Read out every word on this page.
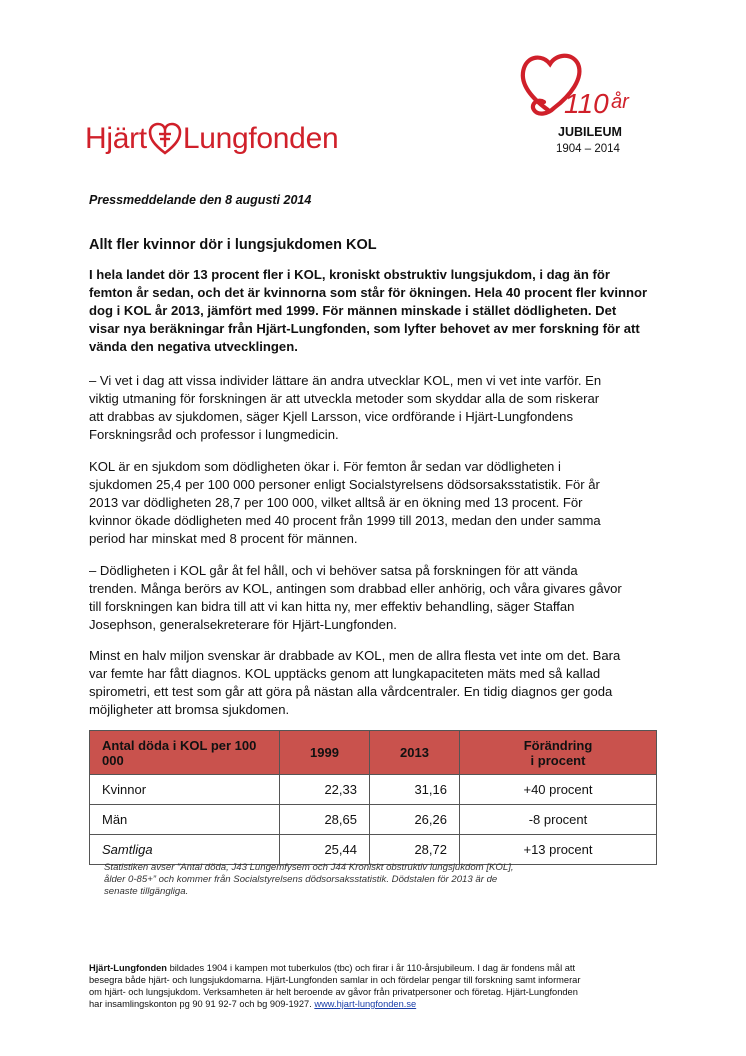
Hjärt Lungfonden
110 år
JUBILEUM
1904 – 2014
Pressmeddelande den 8 augusti 2014
Allt fler kvinnor dör i lungsjukdomen KOL

I hela landet dör 13 procent fler i KOL, kroniskt obstruktiv lungsjukdom, i dag än för
femton år sedan, och det är kvinnorna som står för ökningen. Hela 40 procent fler kvinnor
dog i KOL år 2013, jämfört med 1999. För männen minskade i stället dödligheten. Det
visar nya beräkningar från Hjärt-Lungfonden, som lyfter behovet av mer forskning för att
vända den negativa utvecklingen.

– Vi vet i dag att vissa individer lättare än andra utvecklar KOL, men vi vet inte varför. En
viktig utmaning för forskningen är att utveckla metoder som skyddar alla de som riskerar
att drabbas av sjukdomen, säger Kjell Larsson, vice ordförande i Hjärt-Lungfondens
Forskningsråd och professor i lungmedicin.

KOL är en sjukdom som dödligheten ökar i. För femton år sedan var dödligheten i
sjukdomen 25,4 per 100 000 personer enligt Socialstyrelsens dödsorsaksstatistik. För år
2013 var dödligheten 28,7 per 100 000, vilket alltså är en ökning med 13 procent. För
kvinnor ökade dödligheten med 40 procent från 1999 till 2013, medan den under samma
period har minskat med 8 procent för männen.

– Dödligheten i KOL går åt fel håll, och vi behöver satsa på forskningen för att vända
trenden. Många berörs av KOL, antingen som drabbad eller anhörig, och våra givares gåvor
till forskningen kan bidra till att vi kan hitta ny, mer effektiv behandling, säger Staffan
Josephson, generalsekreterare för Hjärt-Lungfonden.

Minst en halv miljon svenskar är drabbade av KOL, men de allra flesta vet inte om det. Bara
var femte har fått diagnos. KOL upptäcks genom att lungkapaciteten mäts med så kallad
spirometri, ett test som går att göra på nästan alla vårdcentraler. En tidig diagnos ger goda
möjligheter att bromsa sjukdomen.

Antal döda i KOL per 100 000	1999	2013	Förändring
i procent
Kvinnor	22,33	31,16	+40 procent
Män	28,65	26,26	-8 procent
Samtliga	25,44	28,72	+13 procent

Statistiken avser ”Antal döda, J43 Lungemfysem och J44 Kroniskt obstruktiv lungsjukdom [KOL],
ålder 0-85+” och kommer från Socialstyrelsens dödsorsaksstatistik. Dödstalen för 2013 är de
senaste tillgängliga.

Hjärt-Lungfonden bildades 1904 i kampen mot tuberkulos (tbc) och firar i år 110-årsjubileum. I dag är fondens mål att
besegra både hjärt- och lungsjukdomarna. Hjärt-Lungfonden samlar in och fördelar pengar till forskning samt informerar
om hjärt- och lungsjukdom. Verksamheten är helt beroende av gåvor från privatpersoner och företag. Hjärt-Lungfonden
har insamlingskonton pg 90 91 92-7 och bg 909-1927. www.hjart-lungfonden.se
